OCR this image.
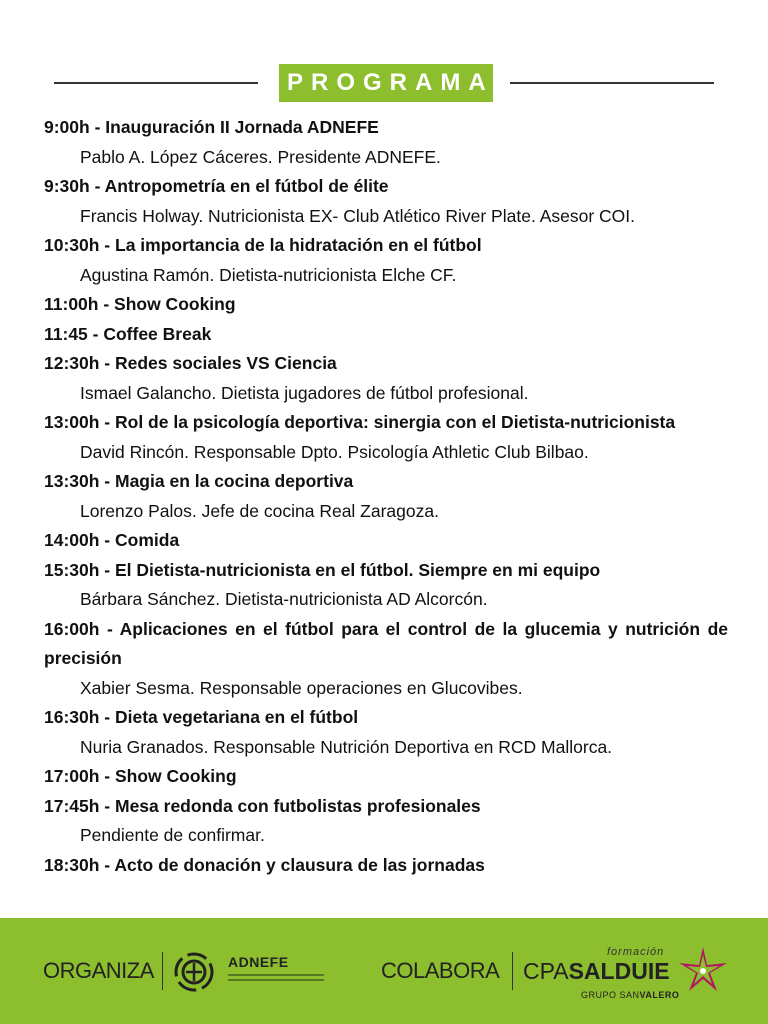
PROGRAMA

9:00h - Inauguración II Jornada ADNEFE

Pablo A. López Cáceres. Presidente ADNEFE.

9:30h - Antropometría en el fútbol de élite

Francis Holway. Nutricionista EX- Club Atlético River Plate. Asesor COI.

10:30h - La importancia de la hidratación en el fútbol

Agustina Ramón. Dietista-nutricionista Elche CF.

11:00h - Show Cooking

11:45 - Coffee Break

12:30h - Redes sociales VS Ciencia

Ismael Galancho. Dietista jugadores de fútbol profesional.

13:00h - Rol de la psicología deportiva: sinergia con el Dietista-nutricionista

David Rincón. Responsable Dpto. Psicología Athletic Club Bilbao.

13:30h - Magia en la cocina deportiva

Lorenzo Palos. Jefe de cocina Real Zaragoza.

14:00h - Comida

15:30h - El Dietista-nutricionista en el fútbol. Siempre en mi equipo

Bárbara Sánchez. Dietista-nutricionista AD Alcorcón.

16:00h - Aplicaciones en el fútbol para el control de la glucemia y nutrición de precisión

Xabier Sesma. Responsable operaciones en Glucovibes.

16:30h - Dieta vegetariana en el fútbol

Nuria Granados. Responsable Nutrición Deportiva en RCD Mallorca.

17:00h - Show Cooking

17:45h - Mesa redonda con futbolistas profesionales

Pendiente de confirmar.

18:30h - Acto de donación y clausura de las jornadas

ORGANIZA	ADNEFE	COLABORA
formación
CPASALDUIE
GRUPO SANVALERO
